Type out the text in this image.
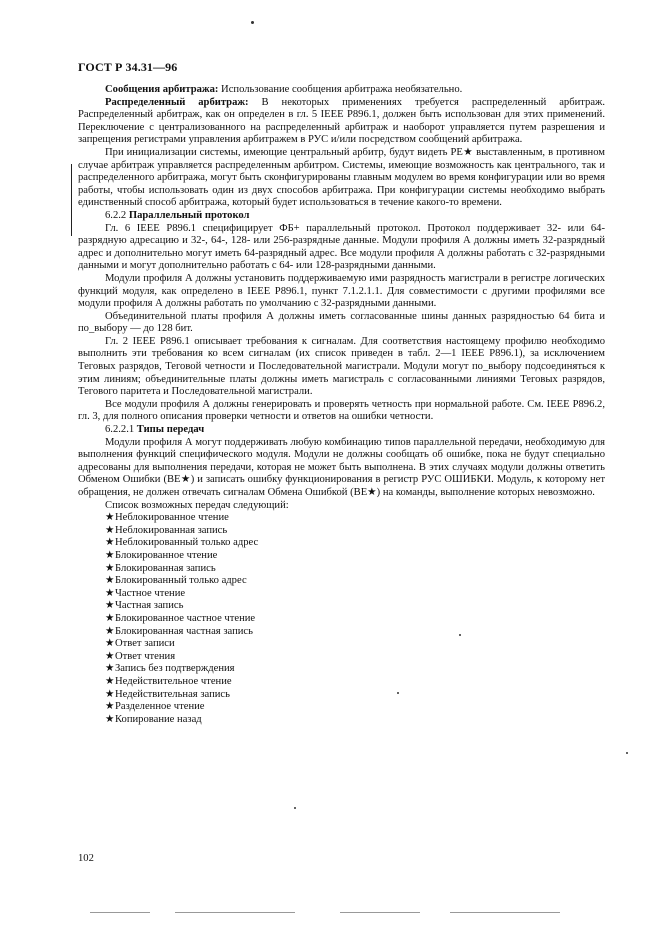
ГОСТ Р 34.31—96

Сообщения арбитража: Использование сообщения арбитража необязательно.

Распределенный арбитраж: В некоторых применениях требуется распределенный арбитраж. Распределенный арбитраж, как он определен в гл. 5 IEEE P896.1, должен быть использован для этих применений. Переключение с централизованного на распределенный арбитраж и наоборот управляется путем разрешения и запрещения регистрами управления арбитражем в РУС и/или посредством сообщений арбитража.

При инициализации системы, имеющие центральный арбитр, будут видеть PE★ выставленным, в противном случае арбитраж управляется распределенным арбитром. Системы, имеющие возможность как центрального, так и распределенного арбитража, могут быть сконфигурированы главным модулем во время конфигурации или во время работы, чтобы использовать один из двух способов арбитража. При конфигурации системы необходимо выбрать единственный способ арбитража, который будет использоваться в течение какого-то времени.

6.2.2 Параллельный протокол

Гл. 6 IEEE P896.1 специфицирует ФБ+ параллельный протокол. Протокол поддерживает 32- или 64-разрядную адресацию и 32-, 64-, 128- или 256-разрядные данные. Модули профиля А должны иметь 32-разрядный адрес и дополнительно могут иметь 64-разрядный адрес. Все модули профиля А должны работать с 32-разрядными данными и могут дополнительно работать с 64- или 128-разрядными данными.

Модули профиля А должны установить поддерживаемую ими разрядность магистрали в регистре логических функций модуля, как определено в IEEE P896.1, пункт 7.1.2.1.1. Для совместимости с другими профилями все модули профиля А должны работать по умолчанию с 32-разрядными данными.

Объединительной платы профиля А должны иметь согласованные шины данных разрядностью 64 бита и по_выбору — до 128 бит.

Гл. 2 IEEE P896.1 описывает требования к сигналам. Для соответствия настоящему профилю необходимо выполнить эти требования ко всем сигналам (их список приведен в табл. 2—1 IEEE P896.1), за исключением Теговых разрядов, Теговой четности и Последовательной магистрали. Модули могут по_выбору подсоединяться к этим линиям; объединительные платы должны иметь магистраль с согласованными линиями Теговых разрядов, Тегового паритета и Последовательной магистрали.

Все модули профиля А должны генерировать и проверять четность при нормальной работе. См. IEEE P896.2, гл. 3, для полного описания проверки четности и ответов на ошибки четности.

6.2.2.1 Типы передач

Модули профиля А могут поддерживать любую комбинацию типов параллельной передачи, необходимую для выполнения функций специфического модуля. Модули не должны сообщать об ошибке, пока не будут специально адресованы для выполнения передачи, которая не может быть выполнена. В этих случаях модули должны ответить Обменом Ошибки (BE★) и записать ошибку функционирования в регистр РУС ОШИБКИ. Модуль, к которому нет обращения, не должен отвечать сигналам Обмена Ошибкой (BE★) на команды, выполнение которых невозможно.

Список возможных передач следующий:

★Неблокированное чтение
★Неблокированная запись
★Неблокированный только адрес
★Блокированное чтение
★Блокированная запись
★Блокированный только адрес
★Частное чтение
★Частная запись
★Блокированное частное чтение
★Блокированная частная запись
★Ответ записи
★Ответ чтения
★Запись без подтверждения
★Недействительное чтение
★Недействительная запись
★Разделенное чтение
★Копирование назад
102
